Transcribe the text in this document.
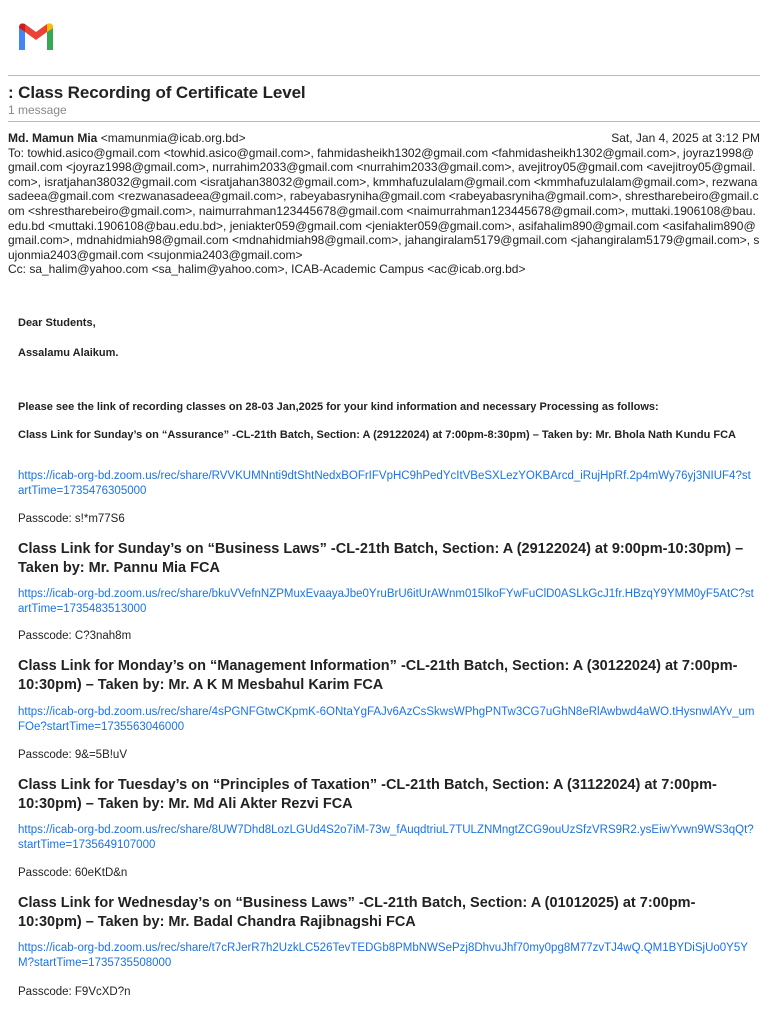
: Class Recording of Certificate Level
1 message
Md. Mamun Mia <mamunmia@icab.org.bd>	Sat, Jan 4, 2025 at 3:12 PM
To: towhid.asico@gmail.com <towhid.asico@gmail.com>, fahmidasheikh1302@gmail.com <fahmidasheikh1302@gmail.com>, joyraz1998@gmail.com <joyraz1998@gmail.com>, nurrahim2033@gmail.com <nurrahim2033@gmail.com>, avejitroy05@gmail.com <avejitroy05@gmail.com>, isratjahan38032@gmail.com <isratjahan38032@gmail.com>, kmmhafuzulalam@gmail.com <kmmhafuzulalam@gmail.com>, rezwanasadeea@gmail.com <rezwanasadeea@gmail.com>, rabeyabasryniha@gmail.com <rabeyabasryniha@gmail.com>, shrestharebeiro@gmail.com <shrestharebeiro@gmail.com>, naimurrahman123445678@gmail.com <naimurrahman123445678@gmail.com>, muttaki.1906108@bau.edu.bd <muttaki.1906108@bau.edu.bd>, jeniakter059@gmail.com <jeniakter059@gmail.com>, asifahalim890@gmail.com <asifahalim890@gmail.com>, mdnahidmiah98@gmail.com <mdnahidmiah98@gmail.com>, jahangiralam5179@gmail.com <jahangiralam5179@gmail.com>, sujonmia2403@gmail.com <sujonmia2403@gmail.com>
Cc: sa_halim@yahoo.com <sa_halim@yahoo.com>, ICAB-Academic Campus <ac@icab.org.bd>
Dear Students,
Assalamu Alaikum.
Please see the link of recording classes on 28-03 Jan,2025 for your kind information and necessary Processing as follows:
Class Link for Sunday’s on “Assurance” -CL-21th Batch, Section: A (29122024) at 7:00pm-8:30pm) – Taken by: Mr. Bhola Nath Kundu FCA
https://icab-org-bd.zoom.us/rec/share/RVVKUMNnti9dtShtNedxBOFrIFVpHC9hPedYcItVBeSXLezYOKBArcd_iRujHpRf.2p4mWy76yj3NIUF4?startTime=1735476305000
Passcode: s!*m77S6
Class Link for Sunday’s on “Business Laws” -CL-21th Batch, Section: A (29122024) at 9:00pm-10:30pm) – Taken by: Mr. Pannu Mia FCA
https://icab-org-bd.zoom.us/rec/share/bkuVVefnNZPMuxEvaayaJbe0YruBrU6itUrAWnm015lkoFYwFuClD0ASLkGcJ1fr.HBzqY9YMM0yF5AtC?startTime=1735483513000
Passcode: C?3nah8m
Class Link for Monday’s on “Management Information” -CL-21th Batch, Section: A (30122024) at 7:00pm-10:30pm) – Taken by: Mr. A K M Mesbahul Karim FCA
https://icab-org-bd.zoom.us/rec/share/4sPGNFGtwCKpmK-6ONtaYgFAJv6AzCsSkwsWPhgPNTw3CG7uGhN8eRlAwbwd4aWO.tHysnwlAYv_umFOe?startTime=1735563046000
Passcode: 9&=5B!uV
Class Link for Tuesday’s on “Principles of Taxation” -CL-21th Batch, Section: A (31122024) at 7:00pm-10:30pm) – Taken by: Mr. Md Ali Akter Rezvi FCA
https://icab-org-bd.zoom.us/rec/share/8UW7Dhd8LozLGUd4S2o7iM-73w_fAuqdtriuL7TULZNMngtZCG9ouUzSfzVRS9R2.ysEiwYvwn9WS3qQt?startTime=1735649107000
Passcode: 60eKtD&n
Class Link for Wednesday’s on “Business Laws” -CL-21th Batch, Section: A (01012025) at 7:00pm-10:30pm) – Taken by: Mr. Badal Chandra Rajibnagshi FCA
https://icab-org-bd.zoom.us/rec/share/t7cRJerR7h2UzkLC526TevTEDGb8PMbNWSePzj8DhvuJhf70my0pg8M77zvTJ4wQ.QM1BYDiSjUo0Y5YM?startTime=1735735508000
Passcode: F9VcXD?n
